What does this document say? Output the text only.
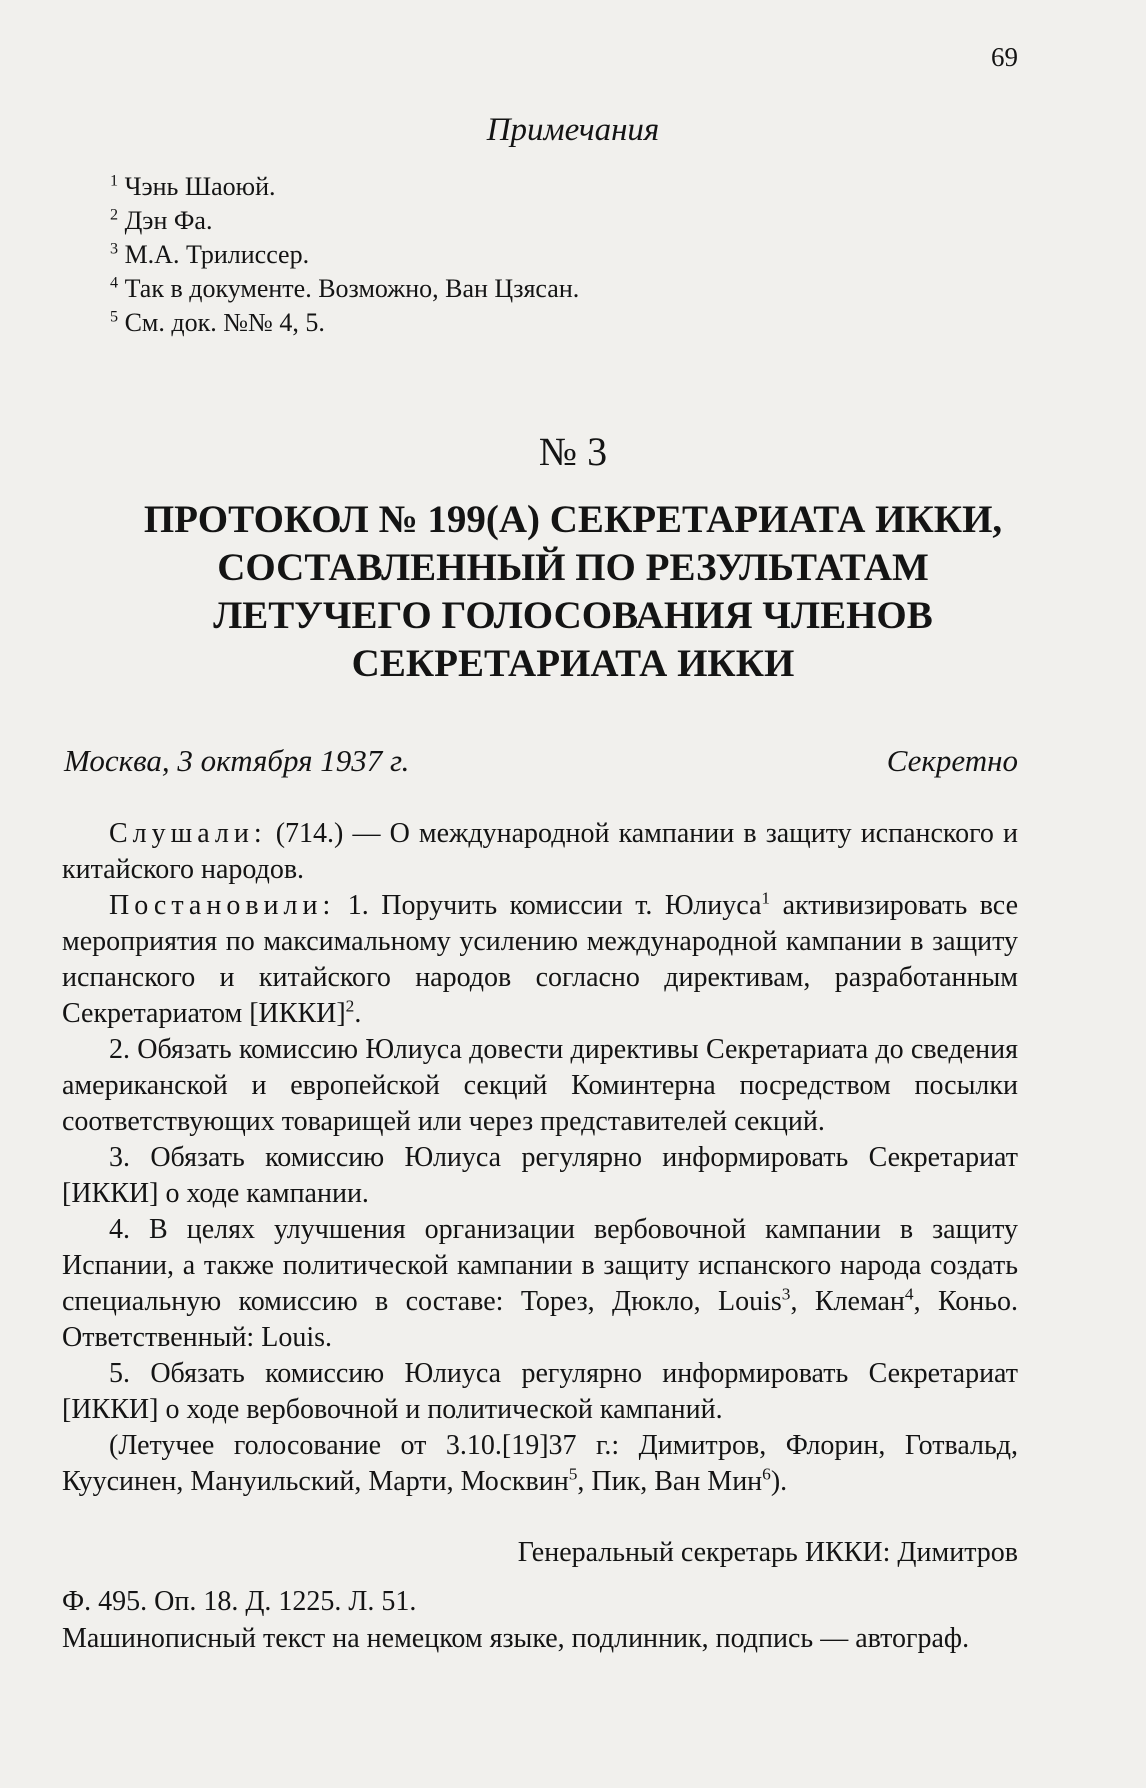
69
Примечания
$^1$ Чэнь Шаоюй.
$^2$ Дэн Фа.
$^3$ М.А. Трилиссер.
$^4$ Так в документе. Возможно, Ван Цзясан.
$^5$ См. док. №№ 4, 5.
№ 3
ПРОТОКОЛ № 199(А) СЕКРЕТАРИАТА ИККИ,
СОСТАВЛЕННЫЙ ПО РЕЗУЛЬТАТАМ
ЛЕТУЧЕГО ГОЛОСОВАНИЯ ЧЛЕНОВ
СЕКРЕТАРИАТА ИККИ
Москва, 3 октября 1937 г.	Секретно

Слушали: (714.) — О международной кампании в защиту испанского и китайского народов.

Постановили: 1. Поручить комиссии т. Юлиуса$^1$ активизировать все мероприятия по максимальному усилению международной кампании в защиту испанского и китайского народов согласно директивам, разработанным Секретариатом [ИККИ]$^2$.

2. Обязать комиссию Юлиуса довести директивы Секретариата до сведения американской и европейской секций Коминтерна посредством посылки соответствующих товарищей или через представителей секций.

3. Обязать комиссию Юлиуса регулярно информировать Секретариат [ИККИ] о ходе кампании.

4. В целях улучшения организации вербовочной кампании в защиту Испании, а также политической кампании в защиту испанского народа создать специальную комиссию в составе: Торез, Дюкло, Louis$^3$, Клеман$^4$, Коньо. Ответственный: Louis.

5. Обязать комиссию Юлиуса регулярно информировать Секретариат [ИККИ] о ходе вербовочной и политической кампаний.

(Летучее голосование от 3.10.[19]37 г.: Димитров, Флорин, Готвальд, Куусинен, Мануильский, Марти, Москвин$^5$, Пик, Ван Мин$^6$).

Генеральный секретарь ИККИ: Димитров
Ф. 495. Оп. 18. Д. 1225. Л. 51.
Машинописный текст на немецком языке, подлинник, подпись — автограф.
